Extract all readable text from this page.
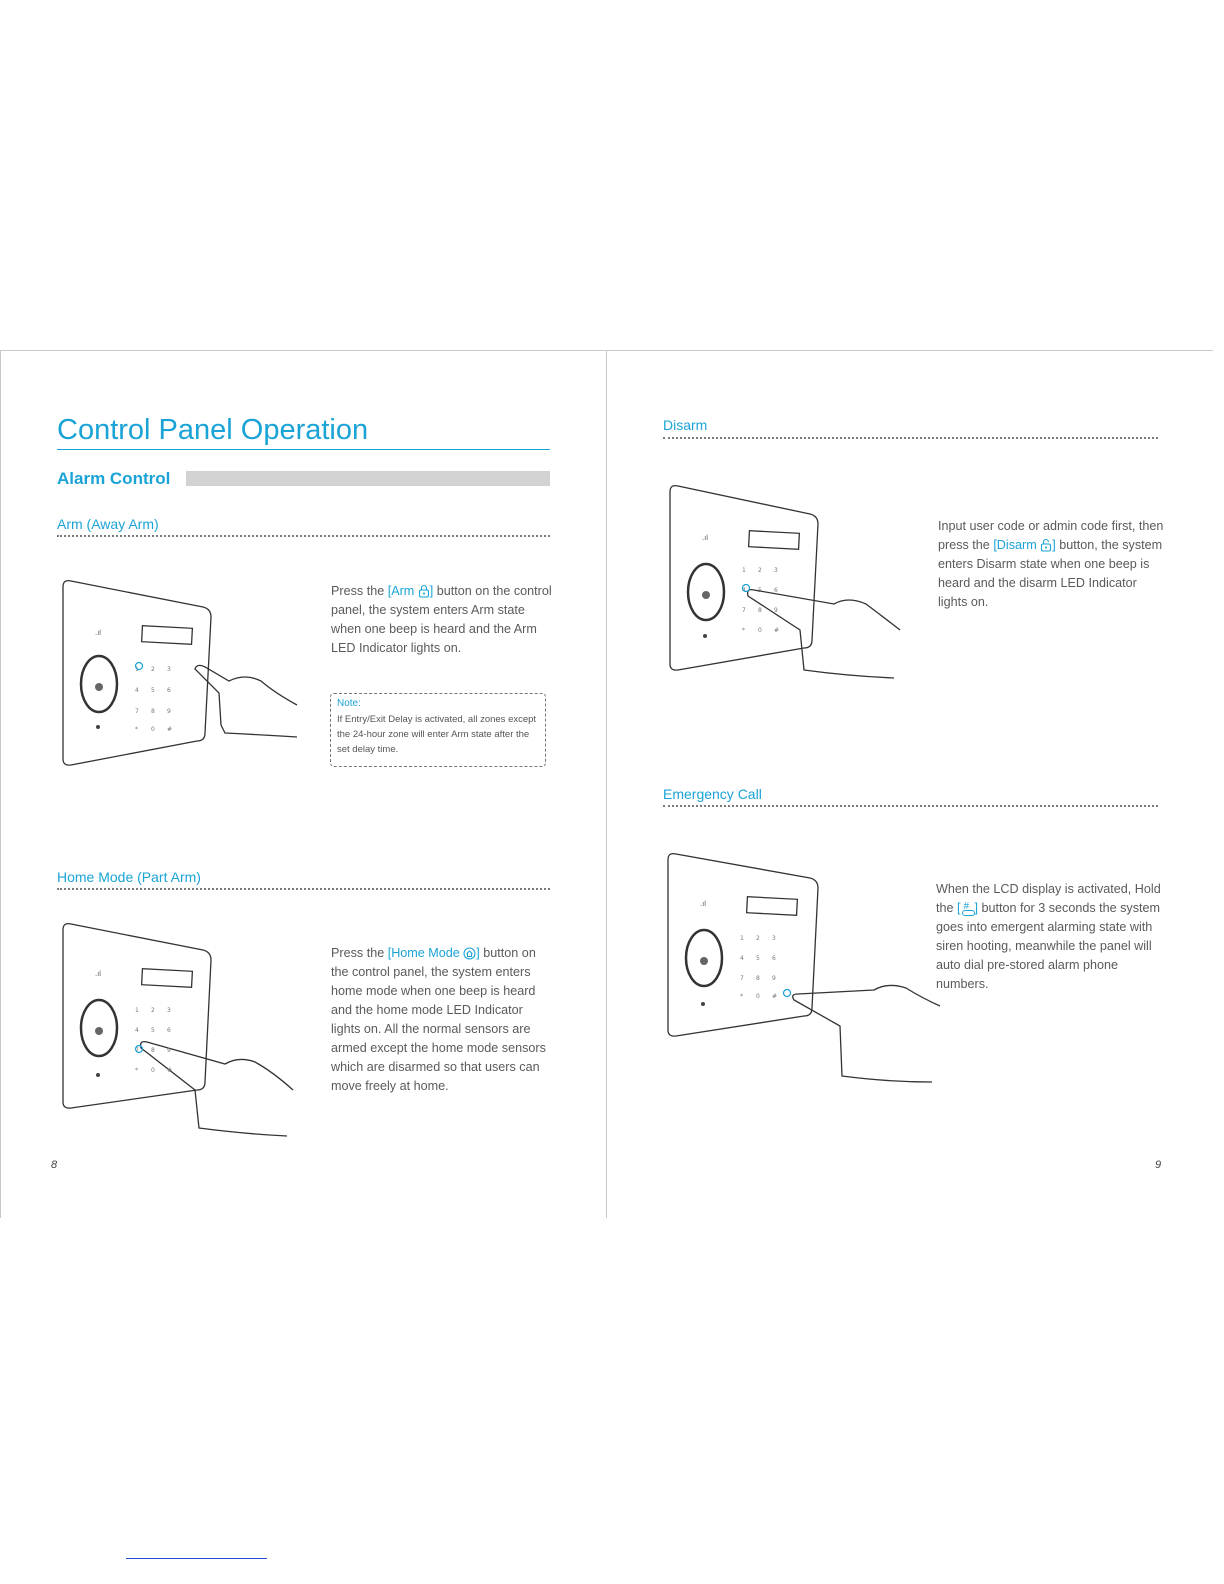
Control Panel Operation
Alarm Control
Arm (Away Arm)
.ıl
1 2 3
4 5 6
7 8 9
* 0 #
Press the [Arm ] button on the control panel, the system enters Arm state when one beep is heard and the Arm LED Indicator lights on.
Note:
If Entry/Exit Delay is activated, all zones except the 24-hour zone will enter Arm state after the set delay time.
Home Mode (Part Arm)
.ıl
1 2 3
4 5 6
7 8 9
* 0 #
Press the [Home Mode ] button on the control panel, the system enters home mode when one beep is heard and the home mode LED Indicator lights on. All the normal sensors are armed except the home mode sensors which are disarmed so that users can move freely at home.
8
Disarm
.ıl
1 2 3
4 5 6
7 8 9
* 0 #
Input user code or admin code first, then press the [Disarm ] button, the system enters Disarm state when one beep is heard and the disarm LED Indicator lights on.
Emergency Call
.ıl
1 2 3
4 5 6
7 8 9
* 0 #
When the LCD display is activated, Hold the [ # ] button for 3 seconds the system goes into emergent alarming state with siren hooting, meanwhile the panel will auto dial pre-stored alarm phone numbers.
9
